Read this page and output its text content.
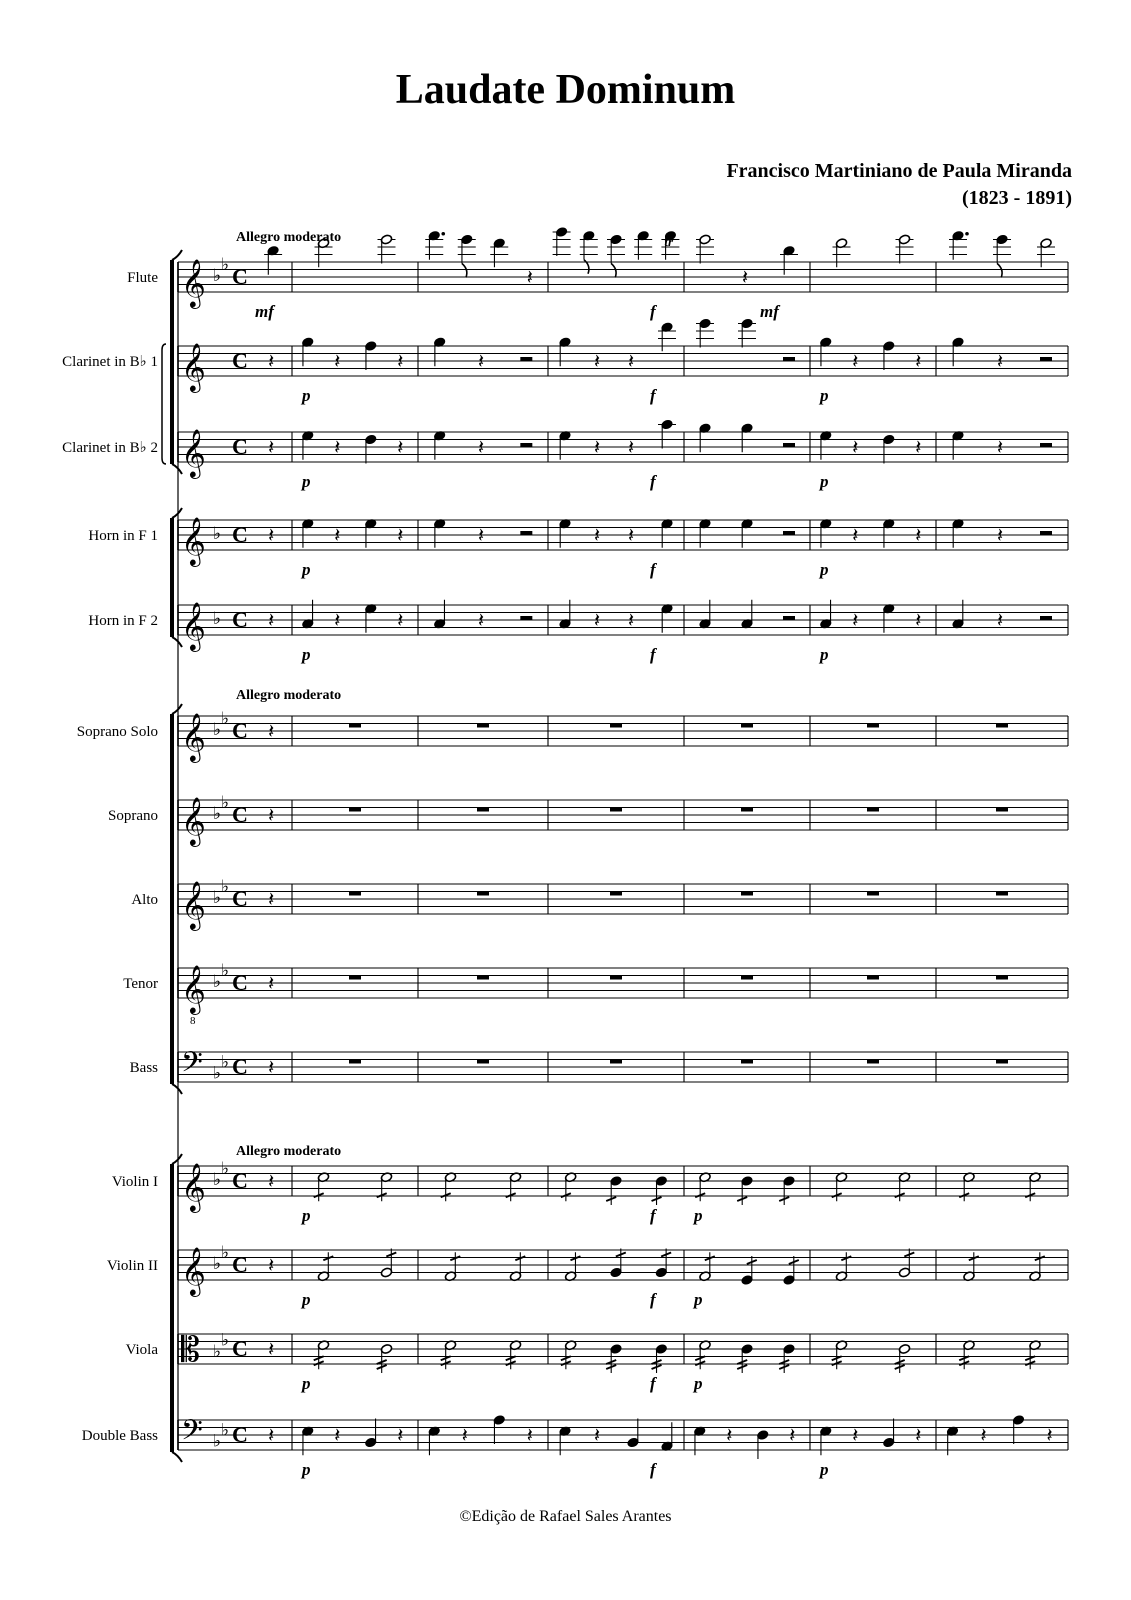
Laudate Dominum
Francisco Martiniano de Paula Miranda
(1823 - 1891)
Flute 𝄞 ♭
♭ C	𝄽
tr
𝄽
mf	f	mf
Clarinet in B♭ 1 𝄞 C 𝄽	𝄽	𝄽	𝄽	𝄽 𝄽	𝄽	𝄽	𝄽
p	f	p
Clarinet in B♭ 2 𝄞 C 𝄽	𝄽	𝄽	𝄽	𝄽 𝄽	𝄽	𝄽	𝄽
p	f	p
Horn in F 1 𝄞 ♭ C 𝄽	𝄽	𝄽	𝄽	𝄽 𝄽	𝄽	𝄽	𝄽
p	f	p
Horn in F 2 𝄞 ♭ C 𝄽	𝄽	𝄽	𝄽	𝄽 𝄽	𝄽	𝄽	𝄽
p	f	p
Soprano Solo 𝄞 ♭
♭ C 𝄽
Soprano 𝄞 ♭
♭ C 𝄽
Alto 𝄞 ♭
♭ C 𝄽
Tenor 𝄞
8
♭
♭ C 𝄽
Bass 𝄢 ♭
♭ C 𝄽
Violin I 𝄞 ♭
♭ C 𝄽
p	f p
Violin II 𝄞 ♭
♭ C 𝄽
p	f p
Viola 𝄡 ♭
♭ C 𝄽
p	f p
Double Bass 𝄢 ♭
♭ C 𝄽	𝄽	𝄽	𝄽	𝄽	𝄽	𝄽	𝄽	𝄽	𝄽	𝄽	𝄽
p	f	p
Allegro moderato
Allegro moderato
Allegro moderato
©Edição de Rafael Sales Arantes
